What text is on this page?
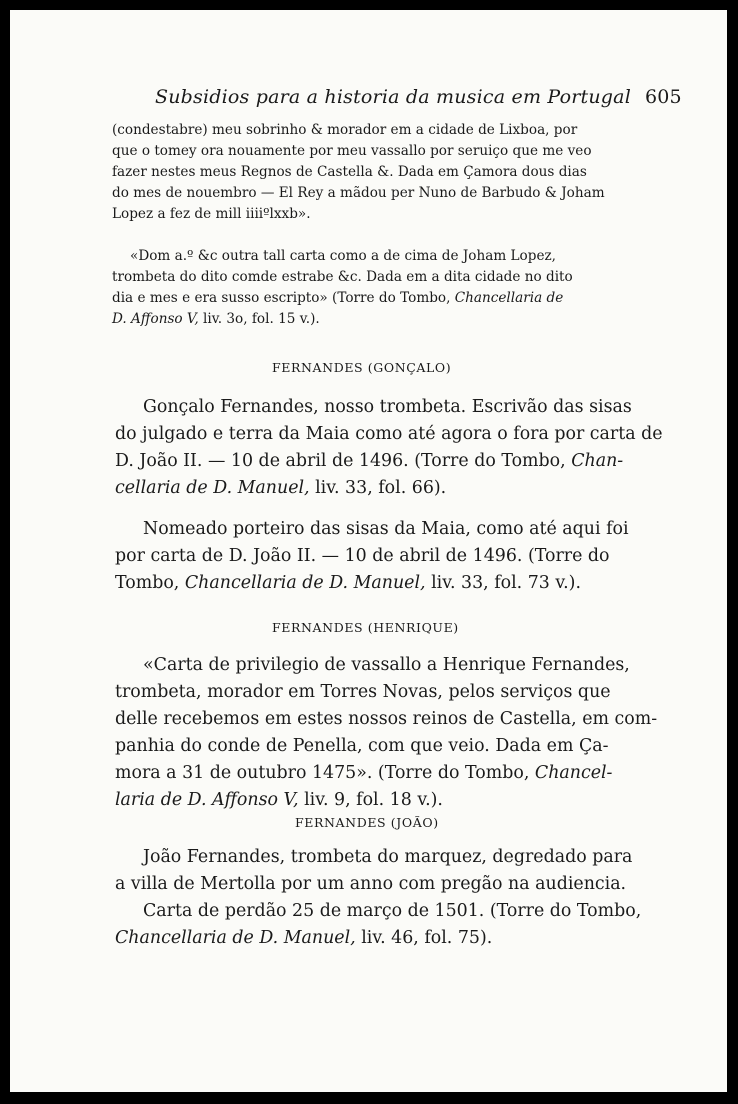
Subsidios para a historia da musica em Portugal 605
(condestabre) meu sobrinho & morador em a cidade de Lixboa, por
que o tomey ora nouamente por meu vassallo por seruiço que me veo
fazer nestes meus Regnos de Castella &. Dada em Çamora dous dias
do mes de nouembro — El Rey a mãdou per Nuno de Barbudo & Joham
Lopez a fez de mill iiiiºlxxb».
«Dom a.º &c outra tall carta como a de cima de Joham Lopez,
trombeta do dito comde estrabe &c. Dada em a dita cidade no dito
dia e mes e era susso escripto» (Torre do Tombo, Chancellaria de
D. Affonso V, liv. 3o, fol. 15 v.).
FERNANDES (GONÇALO)
Gonçalo Fernandes, nosso trombeta. Escrivão das sisas
do julgado e terra da Maia como até agora o fora por carta de
D. João II. — 10 de abril de 1496. (Torre do Tombo, Chan-
cellaria de D. Manuel, liv. 33, fol. 66).
Nomeado porteiro das sisas da Maia, como até aqui foi
por carta de D. João II. — 10 de abril de 1496. (Torre do
Tombo, Chancellaria de D. Manuel, liv. 33, fol. 73 v.).
FERNANDES (HENRIQUE)
«Carta de privilegio de vassallo a Henrique Fernandes,
trombeta, morador em Torres Novas, pelos serviços que
delle recebemos em estes nossos reinos de Castella, em com-
panhia do conde de Penella, com que veio. Dada em Ça-
mora a 31 de outubro 1475». (Torre do Tombo, Chancel-
laria de D. Affonso V, liv. 9, fol. 18 v.).
FERNANDES (JOÃO)
João Fernandes, trombeta do marquez, degredado para
a villa de Mertolla por um anno com pregão na audiencia.
Carta de perdão 25 de março de 1501. (Torre do Tombo,
Chancellaria de D. Manuel, liv. 46, fol. 75).
